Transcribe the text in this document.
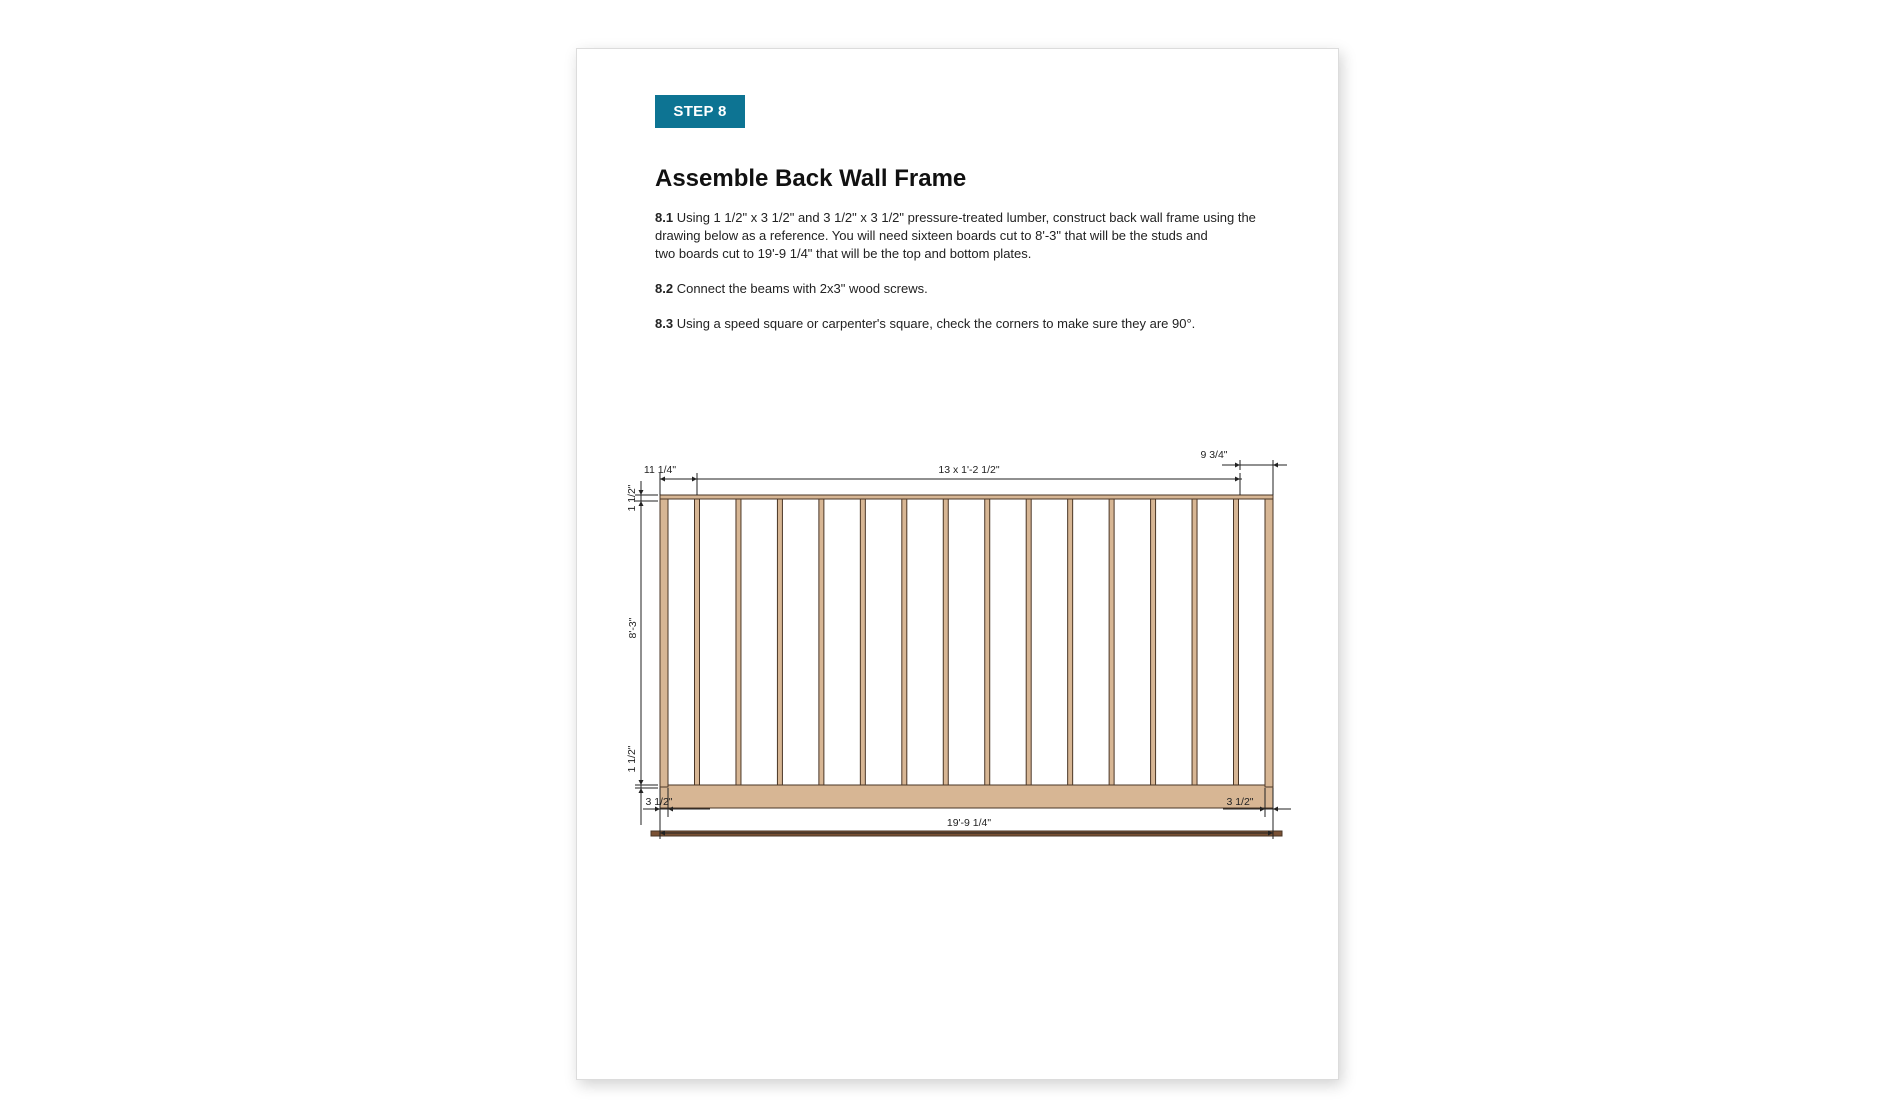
STEP 8
Assemble Back Wall Frame

8.1 Using 1 1/2" x 3 1/2" and 3 1/2" x 3 1/2" pressure-treated lumber, construct back wall frame using the
drawing below as a reference. You will need sixteen boards cut to 8'-3" that will be the studs and
two boards cut to 19'-9 1/4" that will be the top and bottom plates.

8.2 Connect the beams with 2x3" wood screws.

8.3 Using a speed square or carpenter's square, check the corners to make sure they are 90°.

11 1/4"	13 x 1'-2 1/2"
9 3/4"
1 1/2"
8'-3"
1 1/2"
3 1/2"	3 1/2"
19'-9 1/4"
